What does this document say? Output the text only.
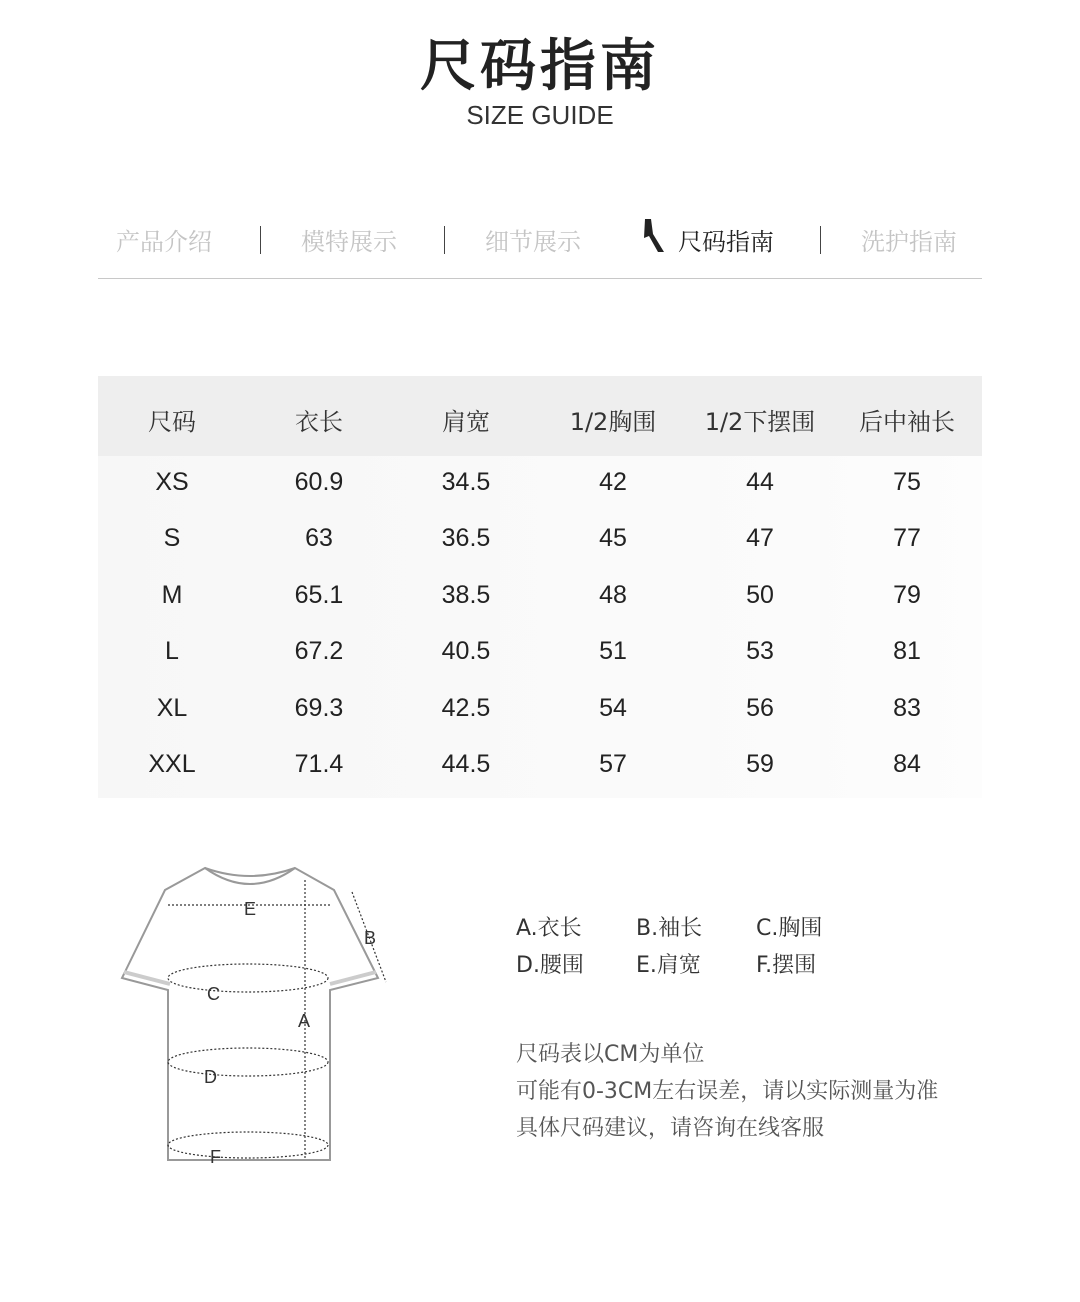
尺码指南
SIZE GUIDE
产品介绍	模特展示	细节展示	尺码指南	洗护指南
尺码	衣长	肩宽	1/2胸围	1/2下摆围	后中袖长
XS	60.9	34.5	42	44	75
S	63	36.5	45	47	77
M	65.1	38.5	48	50	79
L	67.2	40.5	51	53	81
XL	69.3	42.5	54	56	83
XXL	71.4	44.5	57	59	84
E
B
C
A
D
F
A.衣长 B.袖长 C.胸围
D.腰围 E.肩宽	F.摆围
尺码表以CM为单位
可能有0-3CM左右误差，请以实际测量为准
具体尺码建议，请咨询在线客服
